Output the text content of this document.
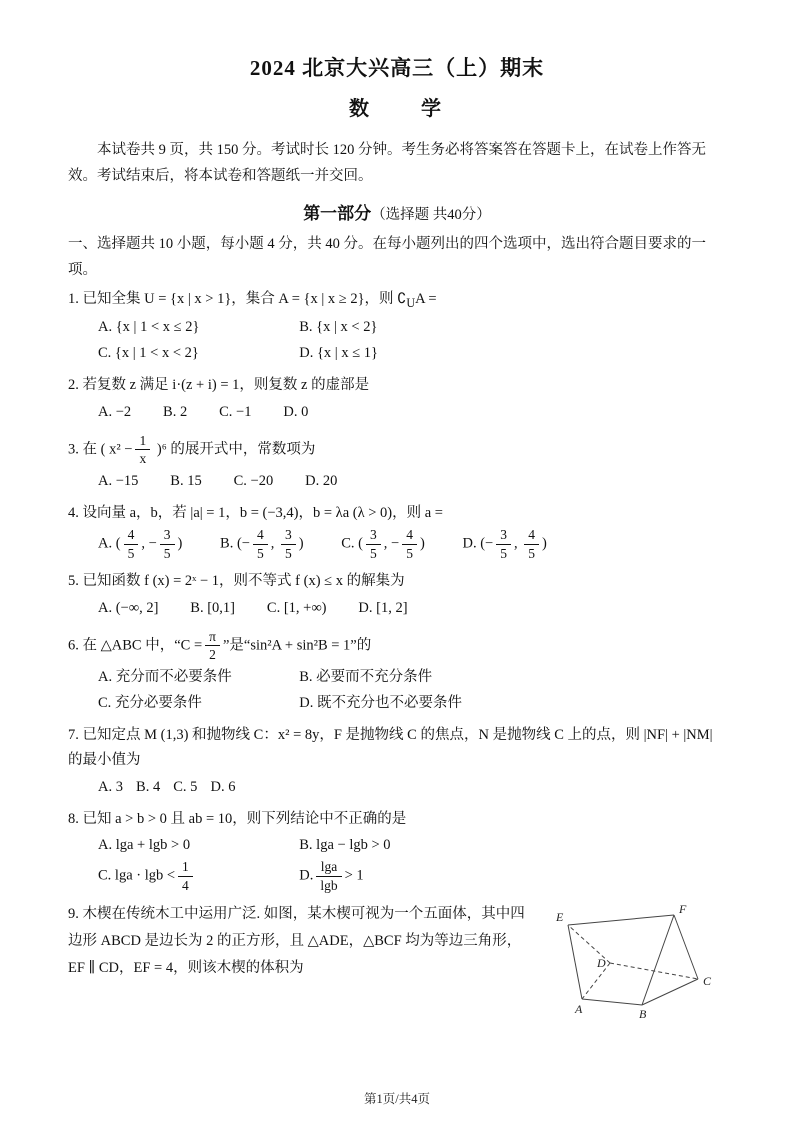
2024 北京大兴高三（上）期末
数　　学

本试卷共 9 页，共 150 分。考试时长 120 分钟。考生务必将答案答在答题卡上，在试卷上作答无效。考试结束后，将本试卷和答题纸一并交回。

第一部分（选择题 共40分）

一、选择题共 10 小题，每小题 4 分，共 40 分。在每小题列出的四个选项中，选出符合题目要求的一项。

1. 已知全集 U = {x | x > 1}，集合 A = {x | x ≥ 2}，则 $∁_UA$ =
A. {x | 1 < x ≤ 2}	B. {x | x < 2}
C. {x | 1 < x < 2}	D. {x | x ≤ 1}
2. 若复数 z 满足 i·(z + i) = 1，则复数 z 的虚部是
A. −2 B. 2 C. −1 D. 0
3. 在 ( $x^2 - \frac{1}{x} )^6$ 的展开式中，常数项为
A. −15 B. 15 C. −20 D. 20
4. 设向量 a，b，若 |a| = 1，b = (−3,4)，b = λa (λ > 0)，则 a =
A. ( $\frac{4}{5}$ , − $\frac{3}{5}$ )	B. (− $\frac{4}{5}$ , $\frac{3}{5}$ )	C. ( $\frac{3}{5}$ , − $\frac{4}{5}$ )	D. (− $\frac{3}{5}$ , $\frac{4}{5}$ )
5. 已知函数 f (x) = 2ˣ − 1，则不等式 f (x) ≤ x 的解集为
A. (−∞, 2] B. [0,1] C. [1, +∞) D. [1, 2]
6. 在 △ABC 中，“$C = \frac{\pi}{2}$ ”是“sin²A + sin²B = 1”的
A. 充分而不必要条件	B. 必要而不充分条件
C. 充分必要条件	D. 既不充分也不必要条件
7. 已知定点 M (1,3) 和抛物线 C：x² = 8y，F 是抛物线 C 的焦点，N 是抛物线 C 上的点，则 |NF| + |NM| 的最小值为
A. 3 B. 4 C. 5 D. 6
8. 已知 a > b > 0 且 ab = 10，则下列结论中不正确的是
A. lga + lgb > 0	B. lga − lgb > 0
C. $\lg a \cdot \lg b < \frac{1}{4}$	D. $\frac{\lg a}{\lg b} > 1$
E
F
D
C
A	B
9. 木楔在传统木工中运用广泛. 如图，某木楔可视为一个五面体，其中四边形 ABCD 是边长为 2 的正方形，且 △ADE，△BCF 均为等边三角形，EF ∥ CD，EF = 4，则该木楔的体积为
第1页/共4页
